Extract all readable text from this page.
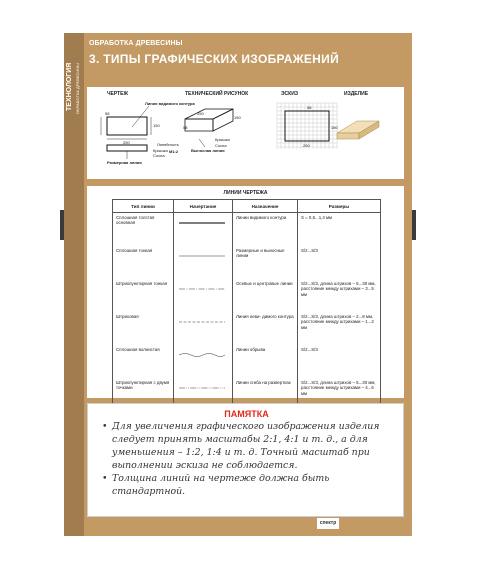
ТЕХНОЛОГИЯ ОБРАБОТКА ДРЕВЕСИНЫ
ОБРАБОТКА ДРЕВЕСИНЫ
3. ТИПЫ ГРАФИЧЕСКИХ ИЗОБРАЖЕНИЙ
ЧЕРТЕЖ	ТЕХНИЧЕСКИЙ РИСУНОК	ЭСКИЗ	ИЗДЕЛИЕ
Линия видимого контура
58
250
150
Линейность
Крышка
Сосна
М1:2
Размерная линия
250
150
58
Крышка
Сосна
Выносная линия
58
250
150
ЛИНИИ ЧЕРТЕЖА
Тип линии	Начертание	Назначение	Размеры
Сплошная толстая основная		Линии видимого контура	S = 0,5...1,4 мм
Сплошная тонкая		Размерные и выносные линии	S/2...S/3
Штрихпунктирная тонкая		Осевые и центровые линии	S/2...S/3, длина штрихов – 5...30 мм, расстояние между штрихами – 3...5 мм
Штриховая		Линия неви- димого контура	S/2...S/3, длина штрихов – 2...8 мм, расстояние между штрихами – 1...2 мм
Сплошная волнистая		Линии обрыва	S/2...S/3
Штрихпунктирная с двумя точками		Линии сгиба на развертках	S/2...S/3, длина штрихов – 5...30 мм, расстояние между штрихами – 4...6 мм
ПАМЯТКА
• Для увеличения графического изображения изделия следует принять масштабы 2:1, 4:1 и т. д., а для уменьшения – 1:2, 1:4 и т. д. Точный масштаб при выполнении эскиза не соблюдается.
• Толщина линий на чертеже должна быть стандартной.
спектр
